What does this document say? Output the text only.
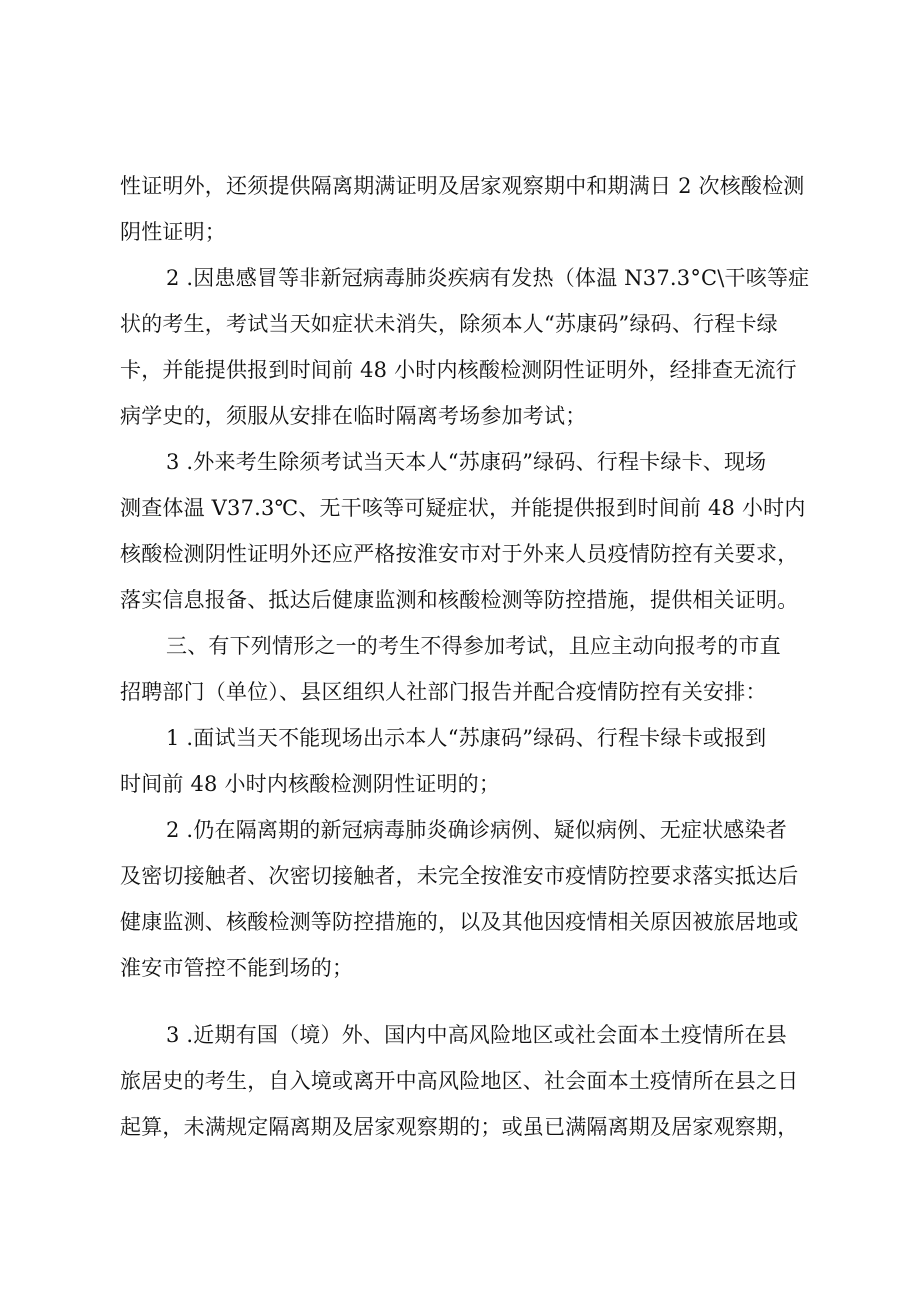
性证明外，还须提供隔离期满证明及居家观察期中和期满日 2 次核酸检测
阴性证明；
2 .因患感冒等非新冠病毒肺炎疾病有发热（体温 N37.3°C\干咳等症
状的考生，考试当天如症状未消失，除须本人“苏康码”绿码、行程卡绿
卡，并能提供报到时间前 48 小时内核酸检测阴性证明外，经排查无流行
病学史的，须服从安排在临时隔离考场参加考试；
3 .外来考生除须考试当天本人“苏康码”绿码、行程卡绿卡、现场
测查体温 V37.3℃、无干咳等可疑症状，并能提供报到时间前 48 小时内
核酸检测阴性证明外还应严格按淮安市对于外来人员疫情防控有关要求，
落实信息报备、抵达后健康监测和核酸检测等防控措施，提供相关证明。
三、有下列情形之一的考生不得参加考试，且应主动向报考的市直
招聘部门（单位）、县区组织人社部门报告并配合疫情防控有关安排：
1 .面试当天不能现场出示本人“苏康码”绿码、行程卡绿卡或报到
时间前 48 小时内核酸检测阴性证明的；
2 .仍在隔离期的新冠病毒肺炎确诊病例、疑似病例、无症状感染者
及密切接触者、次密切接触者，未完全按淮安市疫情防控要求落实抵达后
健康监测、核酸检测等防控措施的，以及其他因疫情相关原因被旅居地或
淮安市管控不能到场的；
3 .近期有国（境）外、国内中高风险地区或社会面本土疫情所在县
旅居史的考生，自入境或离开中高风险地区、社会面本土疫情所在县之日
起算，未满规定隔离期及居家观察期的；或虽已满隔离期及居家观察期，
